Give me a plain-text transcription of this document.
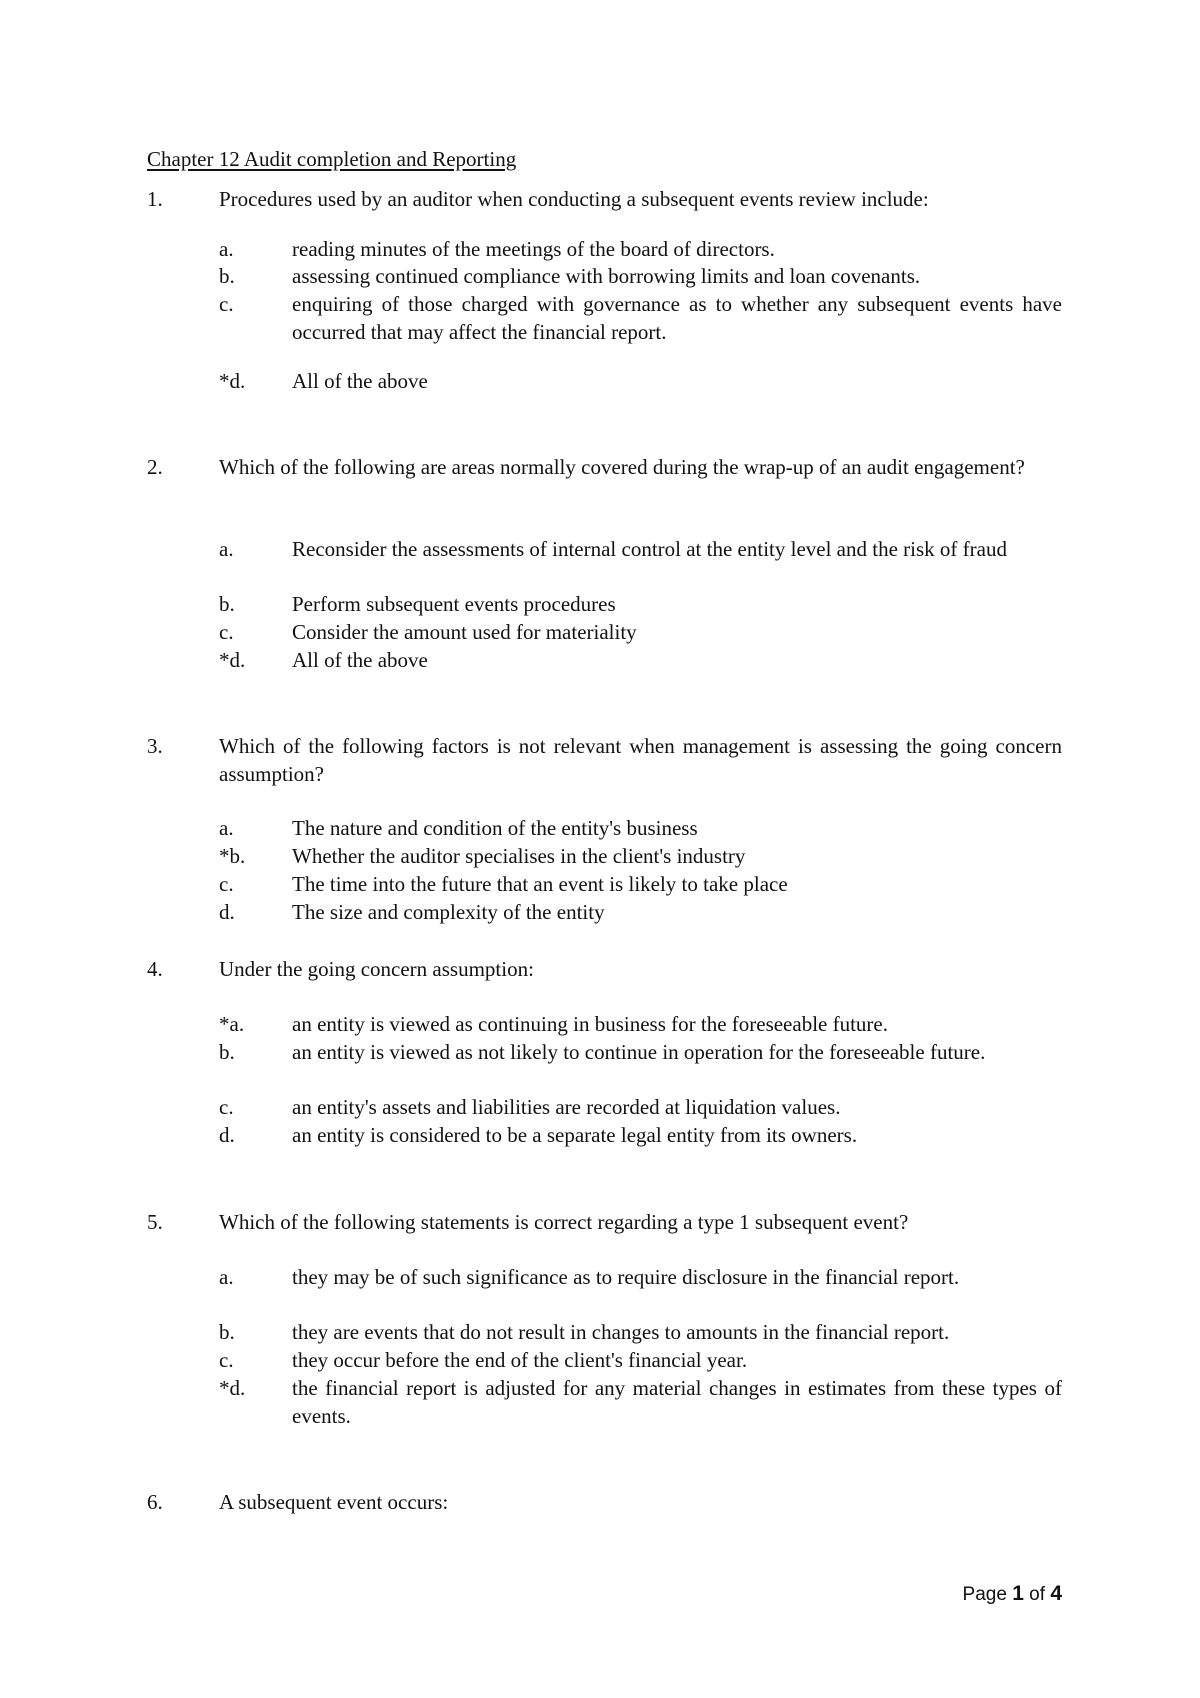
Chapter 12 Audit completion and Reporting
1.	Procedures used by an auditor when conducting a subsequent events review include:
a.	reading minutes of the meetings of the board of directors.
b.	assessing continued compliance with borrowing limits and loan covenants.
c.	enquiring of those charged with governance as to whether any subsequent events have occurred that may affect the financial report.
*d. All of the above
2.	Which of the following are areas normally covered during the wrap-up of an audit engagement?
a.	Reconsider the assessments of internal control at the entity level and the risk of fraud
b.	Perform subsequent events procedures
c.	Consider the amount used for materiality
*d. All of the above
3.	Which of the following factors is not relevant when management is assessing the going concern assumption?
a.	The nature and condition of the entity's business
*b. Whether the auditor specialises in the client's industry
c.	The time into the future that an event is likely to take place
d.	The size and complexity of the entity
4.	Under the going concern assumption:
*a. an entity is viewed as continuing in business for the foreseeable future.
b.	an entity is viewed as not likely to continue in operation for the foreseeable future.
c.	an entity's assets and liabilities are recorded at liquidation values.
d.	an entity is considered to be a separate legal entity from its owners.
5.	Which of the following statements is correct regarding a type 1 subsequent event?
a.	they may be of such significance as to require disclosure in the financial report.
b.	they are events that do not result in changes to amounts in the financial report.
c.	they occur before the end of the client's financial year.
*d. the financial report is adjusted for any material changes in estimates from these types of events.
6.	A subsequent event occurs:
Page 1 of 4
